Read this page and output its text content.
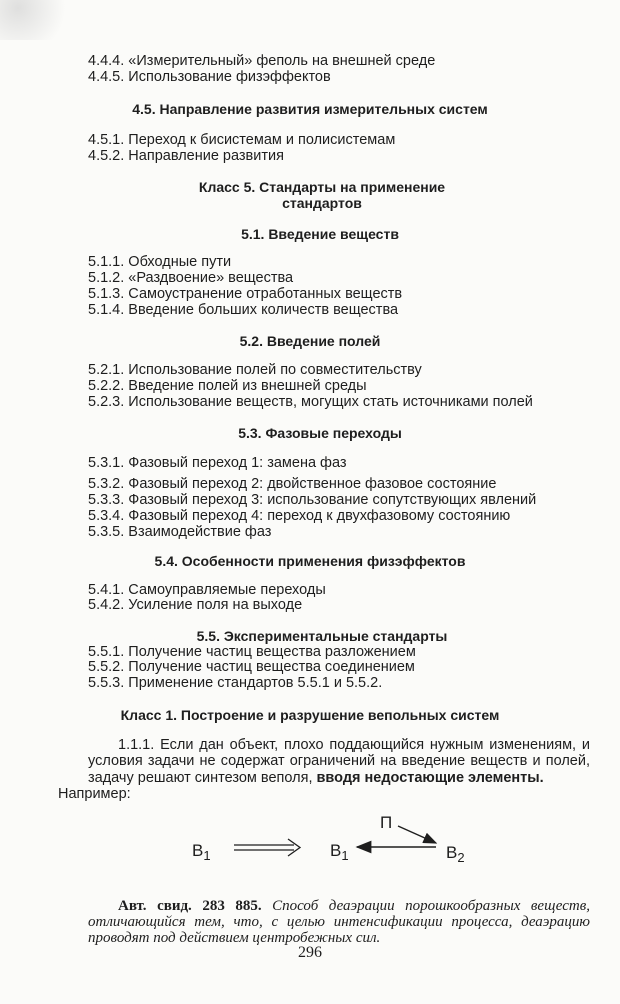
4.4.4. «Измерительный» феполь на внешней среде
4.4.5. Использование физэффектов
4.5. Направление развития измерительных систем
4.5.1. Переход к бисистемам и полисистемам
4.5.2. Направление развития
Класс 5. Стандарты на применение
стандартов
5.1. Введение веществ
5.1.1. Обходные пути
5.1.2. «Раздвоение» вещества
5.1.3. Самоустранение отработанных веществ
5.1.4. Введение больших количеств вещества
5.2. Введение полей
5.2.1. Использование полей по совместительству
5.2.2. Введение полей из внешней среды
5.2.3. Использование веществ, могущих стать источниками полей
5.3. Фазовые переходы
5.3.1. Фазовый переход 1: замена фаз
5.3.2. Фазовый переход 2: двойственное фазовое состояние
5.3.3. Фазовый переход 3: использование сопутствующих явлений
5.3.4. Фазовый переход 4: переход к двухфазовому состоянию
5.3.5. Взаимодействие фаз
5.4. Особенности применения физэффектов
5.4.1. Самоуправляемые переходы
5.4.2. Усиление поля на выходе
5.5. Экспериментальные стандарты
5.5.1. Получение частиц вещества разложением
5.5.2. Получение частиц вещества соединением
5.5.3. Применение стандартов 5.5.1 и 5.5.2.
Класс 1. Построение и разрушение вепольных систем
1.1.1. Если дан объект, плохо поддающийся нужным изменениям, и условия задачи не содержат ограничений на введение веществ и полей, задачу решают синтезом веполя, вводя недостающие элементы.
Например:
$В_1$	$В_1$
П
$В_2$
Авт. свид. 283 885. Способ деаэрации порошкообразных веществ, отличающийся тем, что, с целью интенсификации процесса, деаэрацию проводят под действием центробежных сил.
296
